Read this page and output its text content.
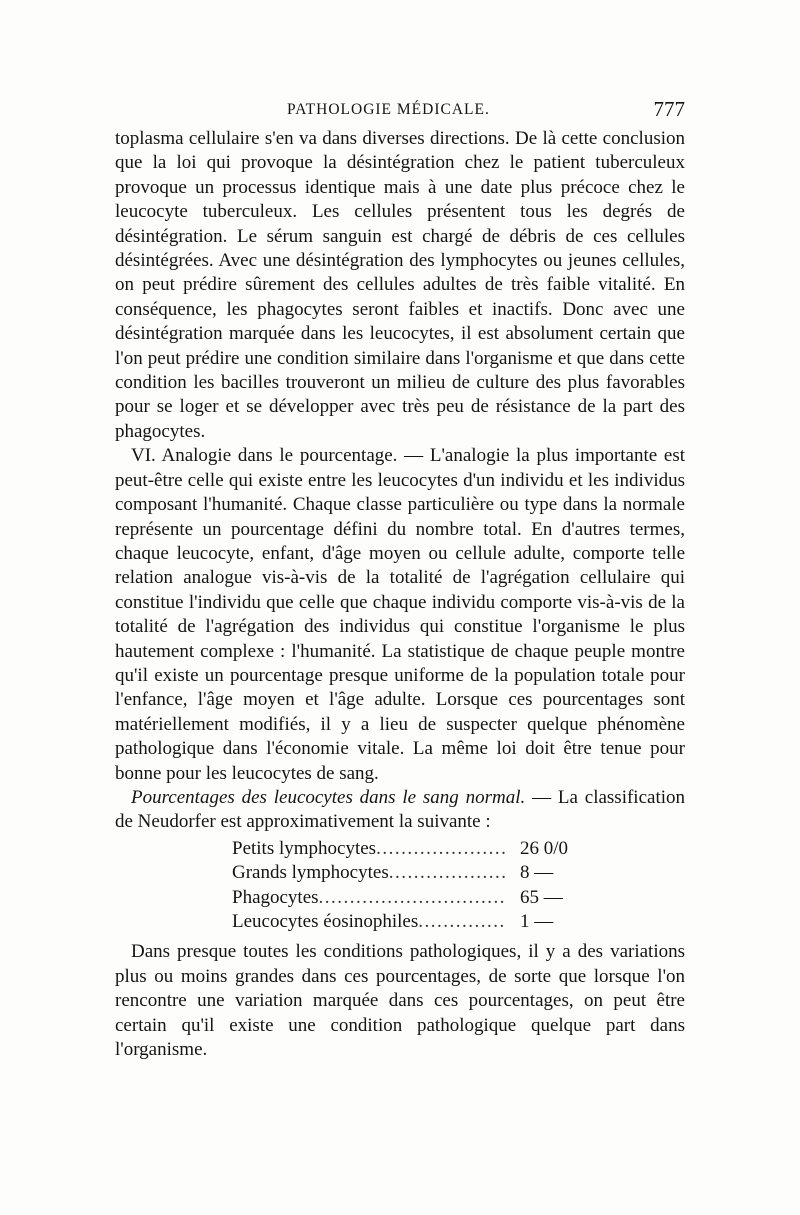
PATHOLOGIE MÉDICALE.	777

toplasma cellulaire s'en va dans diverses directions. De là cette conclusion que la loi qui provoque la désintégration chez le patient tuberculeux provoque un processus identique mais à une date plus précoce chez le leucocyte tuberculeux. Les cellules présentent tous les degrés de désintégration. Le sérum sanguin est chargé de débris de ces cellules désintégrées. Avec une désintégration des lymphocytes ou jeunes cellules, on peut prédire sûrement des cellules adultes de très faible vitalité. En conséquence, les phagocytes seront faibles et inactifs. Donc avec une désintégration marquée dans les leucocytes, il est absolument certain que l'on peut prédire une condition similaire dans l'organisme et que dans cette condition les bacilles trouveront un milieu de culture des plus favorables pour se loger et se développer avec très peu de résistance de la part des phagocytes.

VI. Analogie dans le pourcentage. — L'analogie la plus importante est peut-être celle qui existe entre les leucocytes d'un individu et les individus composant l'humanité. Chaque classe particulière ou type dans la normale représente un pourcentage défini du nombre total. En d'autres termes, chaque leucocyte, enfant, d'âge moyen ou cellule adulte, comporte telle relation analogue vis-à-vis de la totalité de l'agrégation cellulaire qui constitue l'individu que celle que chaque individu comporte vis-à-vis de la totalité de l'agrégation des individus qui constitue l'organisme le plus hautement complexe : l'humanité. La statistique de chaque peuple montre qu'il existe un pourcentage presque uniforme de la population totale pour l'enfance, l'âge moyen et l'âge adulte. Lorsque ces pourcentages sont matériellement modifiés, il y a lieu de suspecter quelque phénomène pathologique dans l'économie vitale. La même loi doit être tenue pour bonne pour les leucocytes de sang.

Pourcentages des leucocytes dans le sang normal. — La classification de Neudorfer est approximativement la suivante :

Petits lymphocytes .....	26 0/0
Grands lymphocytes .....	8 —
Phagocytes .....	65 —
Leucocytes éosinophiles .....	1 —

Dans presque toutes les conditions pathologiques, il y a des variations plus ou moins grandes dans ces pourcentages, de sorte que lorsque l'on rencontre une variation marquée dans ces pourcentages, on peut être certain qu'il existe une condition pathologique quelque part dans l'organisme.
